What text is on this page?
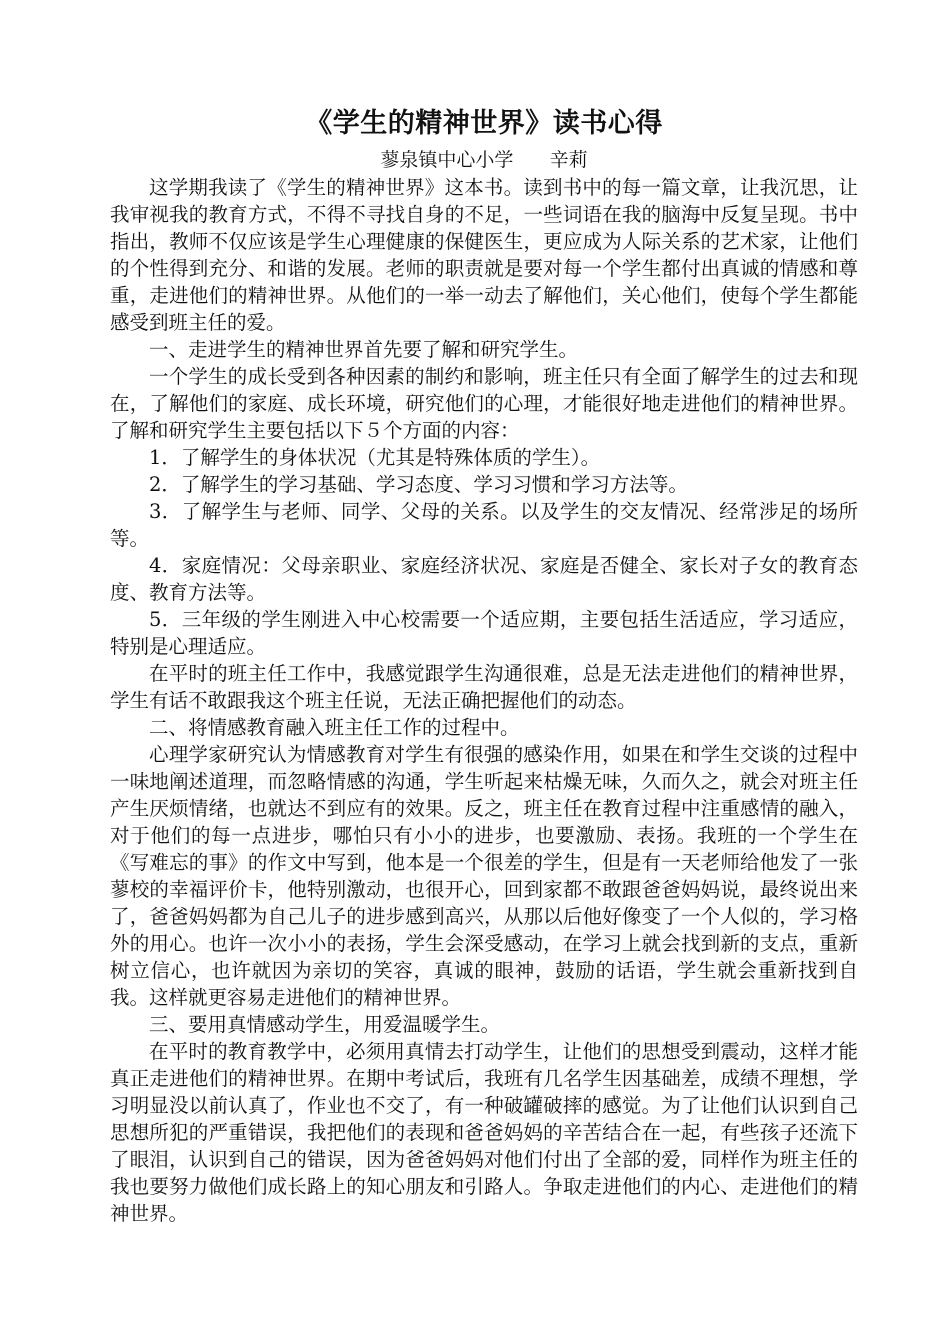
《学生的精神世界》读书心得

蓼泉镇中心小学      辛莉

这学期我读了《学生的精神世界》这本书。读到书中的每一篇文章，让我沉思，让我审视我的教育方式，不得不寻找自身的不足，一些词语在我的脑海中反复呈现。书中指出，教师不仅应该是学生心理健康的保健医生，更应成为人际关系的艺术家，让他们的个性得到充分、和谐的发展。老师的职责就是要对每一个学生都付出真诚的情感和尊重，走进他们的精神世界。从他们的一举一动去了解他们，关心他们，使每个学生都能感受到班主任的爱。

一、走进学生的精神世界首先要了解和研究学生。

一个学生的成长受到各种因素的制约和影响，班主任只有全面了解学生的过去和现在，了解他们的家庭、成长环境，研究他们的心理，才能很好地走进他们的精神世界。了解和研究学生主要包括以下５个方面的内容：

1．了解学生的身体状况（尤其是特殊体质的学生）。

2．了解学生的学习基础、学习态度、学习习惯和学习方法等。

3．了解学生与老师、同学、父母的关系。以及学生的交友情况、经常涉足的场所等。

4．家庭情况：父母亲职业、家庭经济状况、家庭是否健全、家长对子女的教育态度、教育方法等。

5．三年级的学生刚进入中心校需要一个适应期，主要包括生活适应，学习适应，特别是心理适应。

在平时的班主任工作中，我感觉跟学生沟通很难，总是无法走进他们的精神世界，学生有话不敢跟我这个班主任说，无法正确把握他们的动态。

二、将情感教育融入班主任工作的过程中。

心理学家研究认为情感教育对学生有很强的感染作用，如果在和学生交谈的过程中一味地阐述道理，而忽略情感的沟通，学生听起来枯燥无味，久而久之，就会对班主任产生厌烦情绪，也就达不到应有的效果。反之，班主任在教育过程中注重感情的融入，对于他们的每一点进步，哪怕只有小小的进步，也要激励、表扬。我班的一个学生在《写难忘的事》的作文中写到，他本是一个很差的学生，但是有一天老师给他发了一张蓼校的幸福评价卡，他特别激动，也很开心，回到家都不敢跟爸爸妈妈说，最终说出来了，爸爸妈妈都为自己儿子的进步感到高兴，从那以后他好像变了一个人似的，学习格外的用心。也许一次小小的表扬，学生会深受感动，在学习上就会找到新的支点，重新树立信心，也许就因为亲切的笑容，真诚的眼神，鼓励的话语，学生就会重新找到自我。这样就更容易走进他们的精神世界。

三、要用真情感动学生，用爱温暖学生。

在平时的教育教学中，必须用真情去打动学生，让他们的思想受到震动，这样才能真正走进他们的精神世界。在期中考试后，我班有几名学生因基础差，成绩不理想，学习明显没以前认真了，作业也不交了，有一种破罐破摔的感觉。为了让他们认识到自己思想所犯的严重错误，我把他们的表现和爸爸妈妈的辛苦结合在一起，有些孩子还流下了眼泪，认识到自己的错误，因为爸爸妈妈对他们付出了全部的爱，同样作为班主任的我也要努力做他们成长路上的知心朋友和引路人。争取走进他们的内心、走进他们的精神世界。
